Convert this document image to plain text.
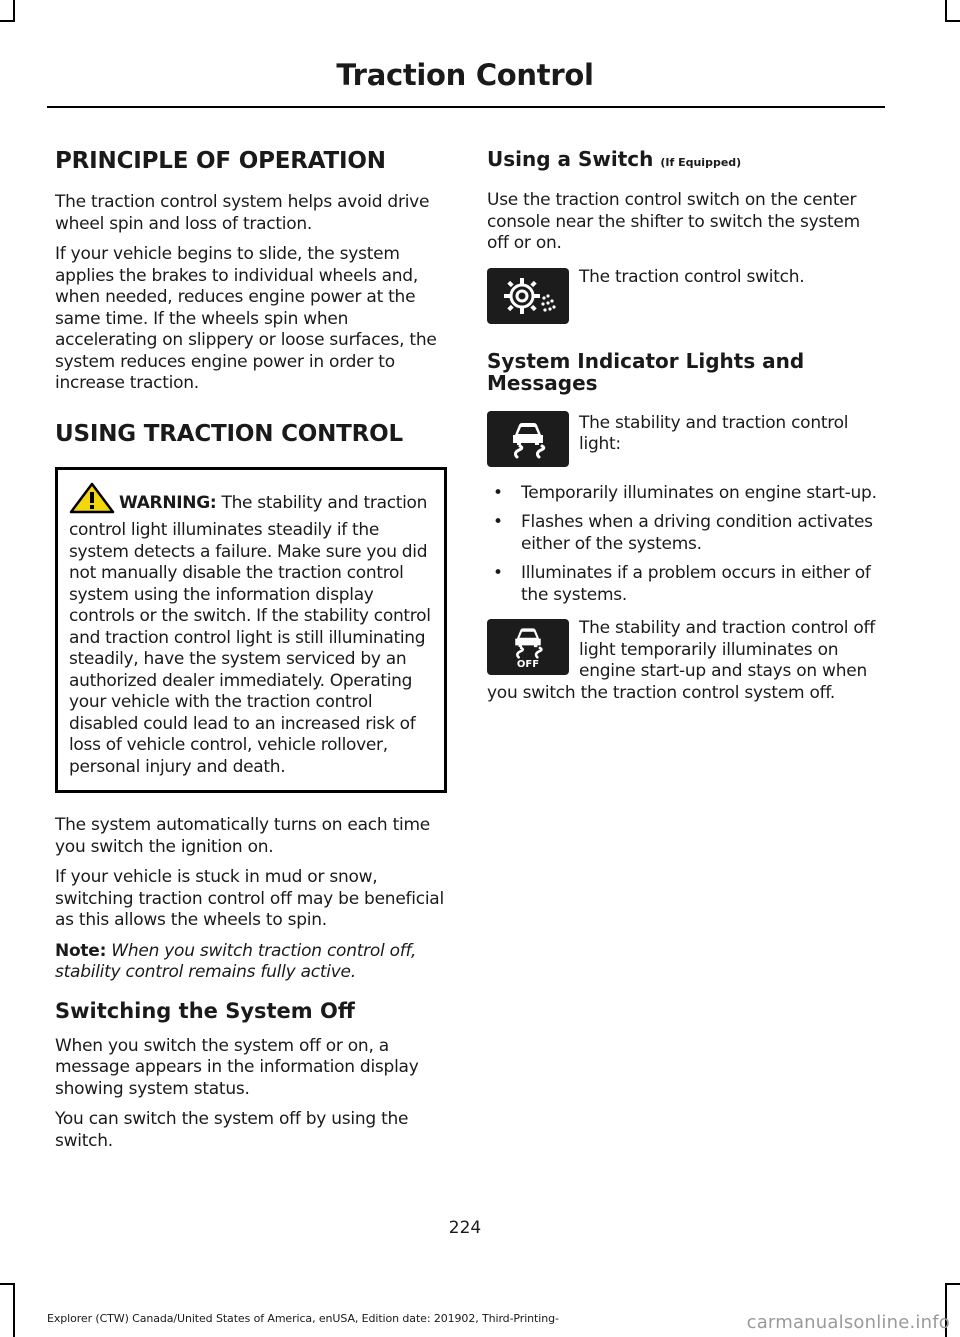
Traction Control
PRINCIPLE OF OPERATION

The traction control system helps avoid drive wheel spin and loss of traction.

If your vehicle begins to slide, the system applies the brakes to individual wheels and, when needed, reduces engine power at the same time. If the wheels spin when accelerating on slippery or loose surfaces, the system reduces engine power in order to increase traction.

USING TRACTION CONTROL
WARNING: The stability and traction control light illuminates steadily if the system detects a failure. Make sure you did not manually disable the traction control system using the information display controls or the switch. If the stability control and traction control light is still illuminating steadily, have the system serviced by an authorized dealer immediately. Operating your vehicle with the traction control disabled could lead to an increased risk of loss of vehicle control, vehicle rollover, personal injury and death.

The system automatically turns on each time you switch the ignition on.

If your vehicle is stuck in mud or snow, switching traction control off may be beneficial as this allows the wheels to spin.

Note: When you switch traction control off, stability control remains fully active.

Switching the System Off

When you switch the system off or on, a message appears in the information display showing system status.

You can switch the system off by using the switch.

Using a Switch (If Equipped)

Use the traction control switch on the center console near the shifter to switch the system off or on.

The traction control switch.
System Indicator Lights and Messages
The stability and traction control light:
• Temporarily illuminates on engine start-up.
• Flashes when a driving condition activates either of the systems.
• Illuminates if a problem occurs in either of the systems.
OFF
The stability and traction control off light temporarily illuminates on engine start-up and stays on when you switch the traction control system off.
224
Explorer (CTW) Canada/United States of America, enUSA, Edition date: 201902, Third-Printing-	carmanualsonline.info
